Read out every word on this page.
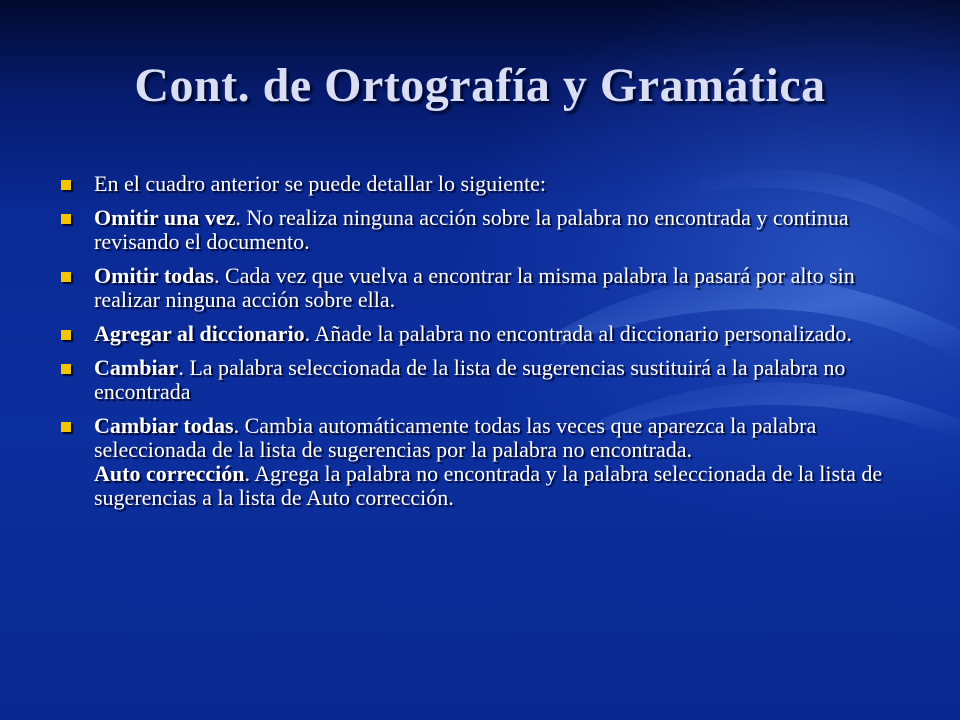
Cont. de Ortografía y Gramática
En el cuadro anterior se puede detallar lo siguiente:
Omitir una vez. No realiza ninguna acción sobre la palabra no encontrada y continua revisando el documento.
Omitir todas. Cada vez que vuelva a encontrar la misma palabra la pasará por alto sin realizar ninguna acción sobre ella.
Agregar al diccionario. Añade la palabra no encontrada al diccionario personalizado.
Cambiar. La palabra seleccionada de la lista de sugerencias sustituirá a la palabra no encontrada
Cambiar todas. Cambia automáticamente todas las veces que aparezca la palabra seleccionada de la lista de sugerencias por la palabra no encontrada.
Auto corrección. Agrega la palabra no encontrada y la palabra seleccionada de la lista de sugerencias a la lista de Auto corrección.
